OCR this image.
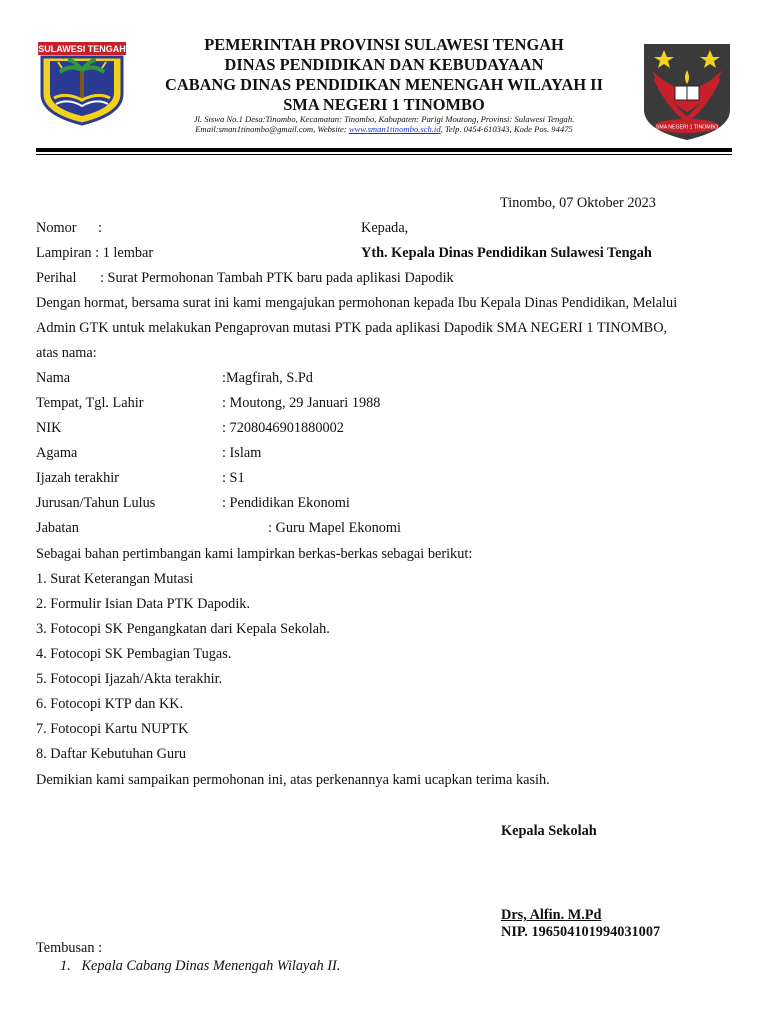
SULAWESI TENGAH
SMA NEGERI 1 TINOMBO
PEMERINTAH PROVINSI SULAWESI TENGAH
DINAS PENDIDIKAN DAN KEBUDAYAAN
CABANG DINAS PENDIDIKAN MENENGAH WILAYAH II
SMA NEGERI 1 TINOMBO
Jl. Siswa No.1 Desa:Tinombo, Kecamatan: Tinombo, Kabupaten: Parigi Moutong, Provinsi: Sulawesi Tengah.
Email:sman1tinombo@gmail.com, Website: www.sman1tinombo.sch.id, Telp. 0454-610343, Kode Pos. 94475
Tinombo, 07 Oktober 2023
Nomor      :	Kepada,
Lampiran : 1 lembar	Yth. Kepala Dinas Pendidikan Sulawesi Tengah
Perihal : Surat Permohonan Tambah PTK baru pada aplikasi Dapodik
Dengan hormat, bersama surat ini kami mengajukan permohonan kepada Ibu Kepala Dinas Pendidikan, Melalui
Admin GTK untuk melakukan Pengaprovan mutasi PTK pada aplikasi Dapodik SMA NEGERI 1 TINOMBO,
atas nama:
Nama	:Magfirah, S.Pd
Tempat, Tgl. Lahir	: Moutong, 29 Januari 1988
NIK	: 7208046901880002
Agama	: Islam
Ijazah terakhir	: S1
Jurusan/Tahun Lulus	: Pendidikan Ekonomi
Jabatan	: Guru Mapel Ekonomi
Sebagai bahan pertimbangan kami lampirkan berkas-berkas sebagai berikut:
1. Surat Keterangan Mutasi
2. Formulir Isian Data PTK Dapodik.
3. Fotocopi SK Pengangkatan dari Kepala Sekolah.
4. Fotocopi SK Pembagian Tugas.
5. Fotocopi Ijazah/Akta terakhir.
6. Fotocopi KTP dan KK.
7. Fotocopi Kartu NUPTK
8. Daftar Kebutuhan Guru
Demikian kami sampaikan permohonan ini, atas perkenannya kami ucapkan terima kasih.
Kepala Sekolah
Drs, Alfin. M.Pd
NIP. 196504101994031007
Tembusan :
1.   Kepala Cabang Dinas Menengah Wilayah II.
